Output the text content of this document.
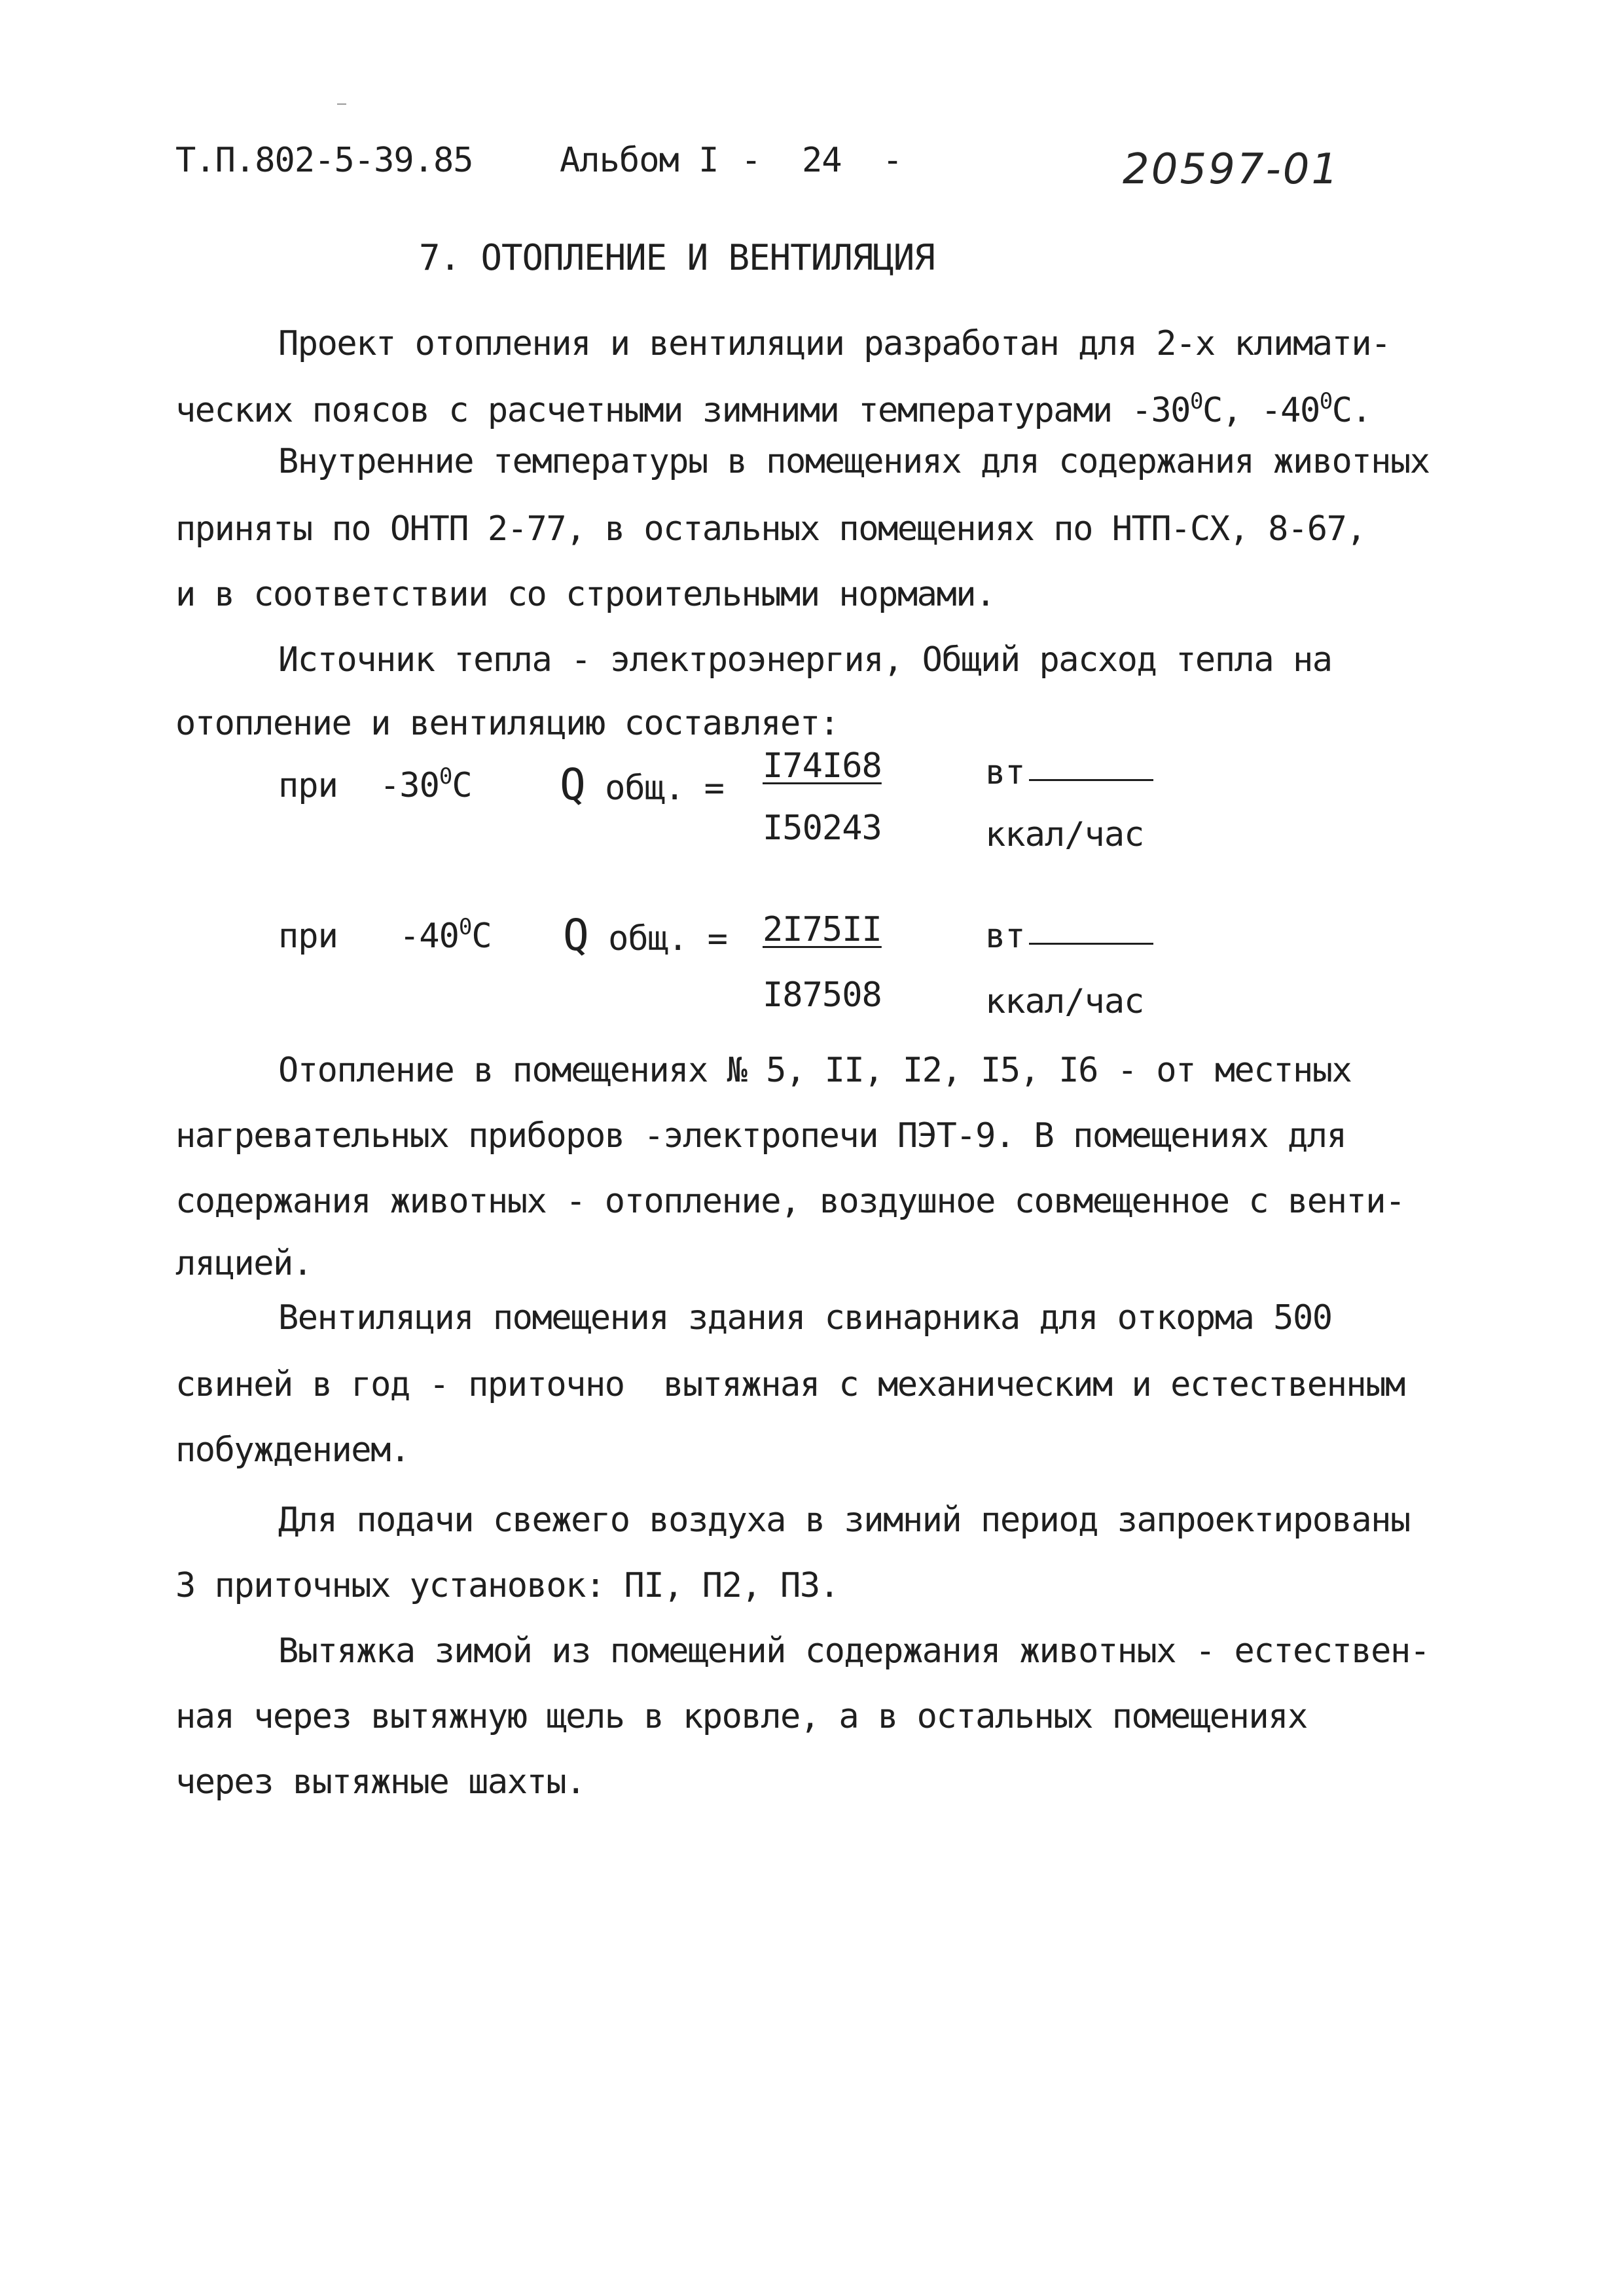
Т.П.802-5-39.85	Альбом I - 24 -	20597-01
7. ОТОПЛЕНИЕ И ВЕНТИЛЯЦИЯ
Проект отопления и вентиляции разработан для 2-х климати-
ческих поясов с расчетными зимними температурами $-30^0С$, $-40^0С$.
Внутренние температуры в помещениях для содержания животных
приняты по ОНТП 2-77, в остальных помещениях по НТП-СХ, 8-67,
и в соответствии со строительными нормами.
Источник тепла - электроэнергия, Общий расход тепла на
отопление и вентиляцию составляет:
при $-30^0С$ Q общ. =
I74I68	вт
I50243	ккал/час
при $-40^0С$ Q общ. = 2I75II	вт
I87508	ккал/час
Отопление в помещениях № 5, II, I2, I5, I6 - от местных
нагревательных приборов -электропечи ПЭТ-9. В помещениях для
содержания животных - отопление, воздушное совмещенное с венти-
ляцией.
Вентиляция помещения здания свинарника для откорма 500
свиней в год - приточно  вытяжная с механическим и естественным
побуждением.
Для подачи свежего воздуха в зимний период запроектированы
3 приточных установок: ПI, П2, П3.
Вытяжка зимой из помещений содержания животных - естествен-
ная через вытяжную щель в кровле, а в остальных помещениях
через вытяжные шахты.
